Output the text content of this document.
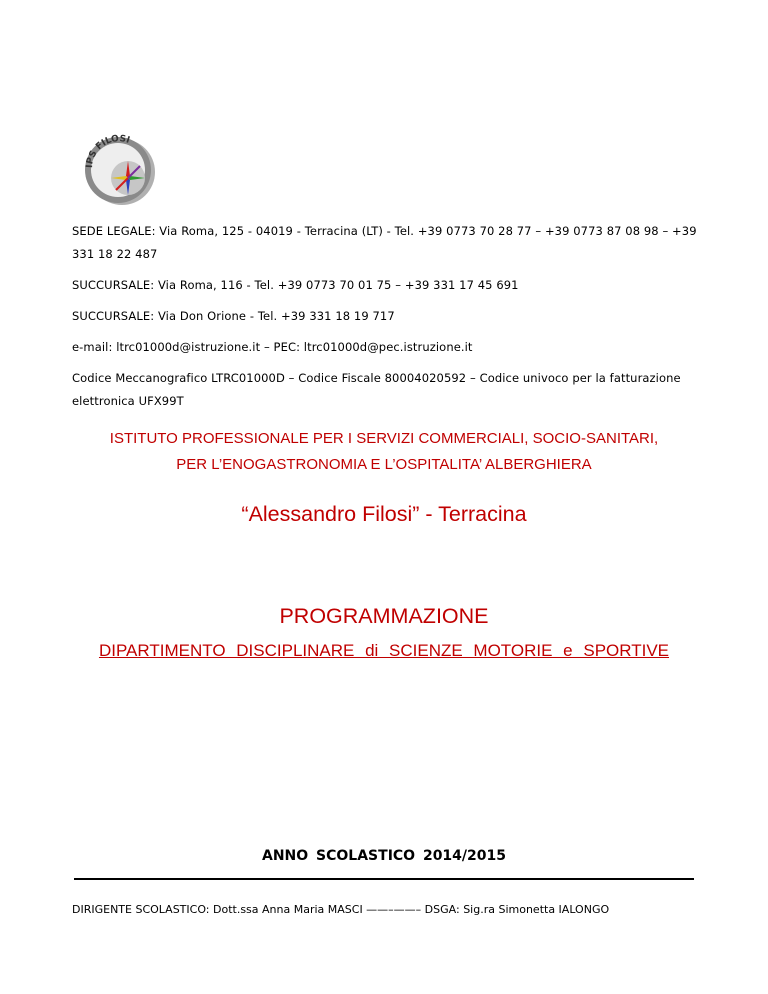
IPS FILOSI

SEDE LEGALE: Via Roma, 125 - 04019 - Terracina (LT) - Tel. +39 0773 70 28 77 – +39 0773 87 08 98 – +39

331 18 22 487

SUCCURSALE: Via Roma, 116 - Tel. +39 0773 70 01 75 – +39 331 17 45 691

SUCCURSALE: Via Don Orione - Tel. +39 331 18 19 717

e-mail: ltrc01000d@istruzione.it – PEC: ltrc01000d@pec.istruzione.it

Codice Meccanografico LTRC01000D – Codice Fiscale 80004020592 – Codice univoco per la fatturazione

elettronica UFX99T

ISTITUTO PROFESSIONALE PER I SERVIZI COMMERCIALI, SOCIO-SANITARI,
PER L’ENOGASTRONOMIA E L’OSPITALITA’ ALBERGHIERA
“Alessandro Filosi” - Terracina
PROGRAMMAZIONE
DIPARTIMENTO DISCIPLINARE di SCIENZE MOTORIE e SPORTIVE
ANNO SCOLASTICO 2014/2015
DIRIGENTE SCOLASTICO: Dott.ssa Anna Maria MASCI ——–——– DSGA: Sig.ra Simonetta IALONGO
